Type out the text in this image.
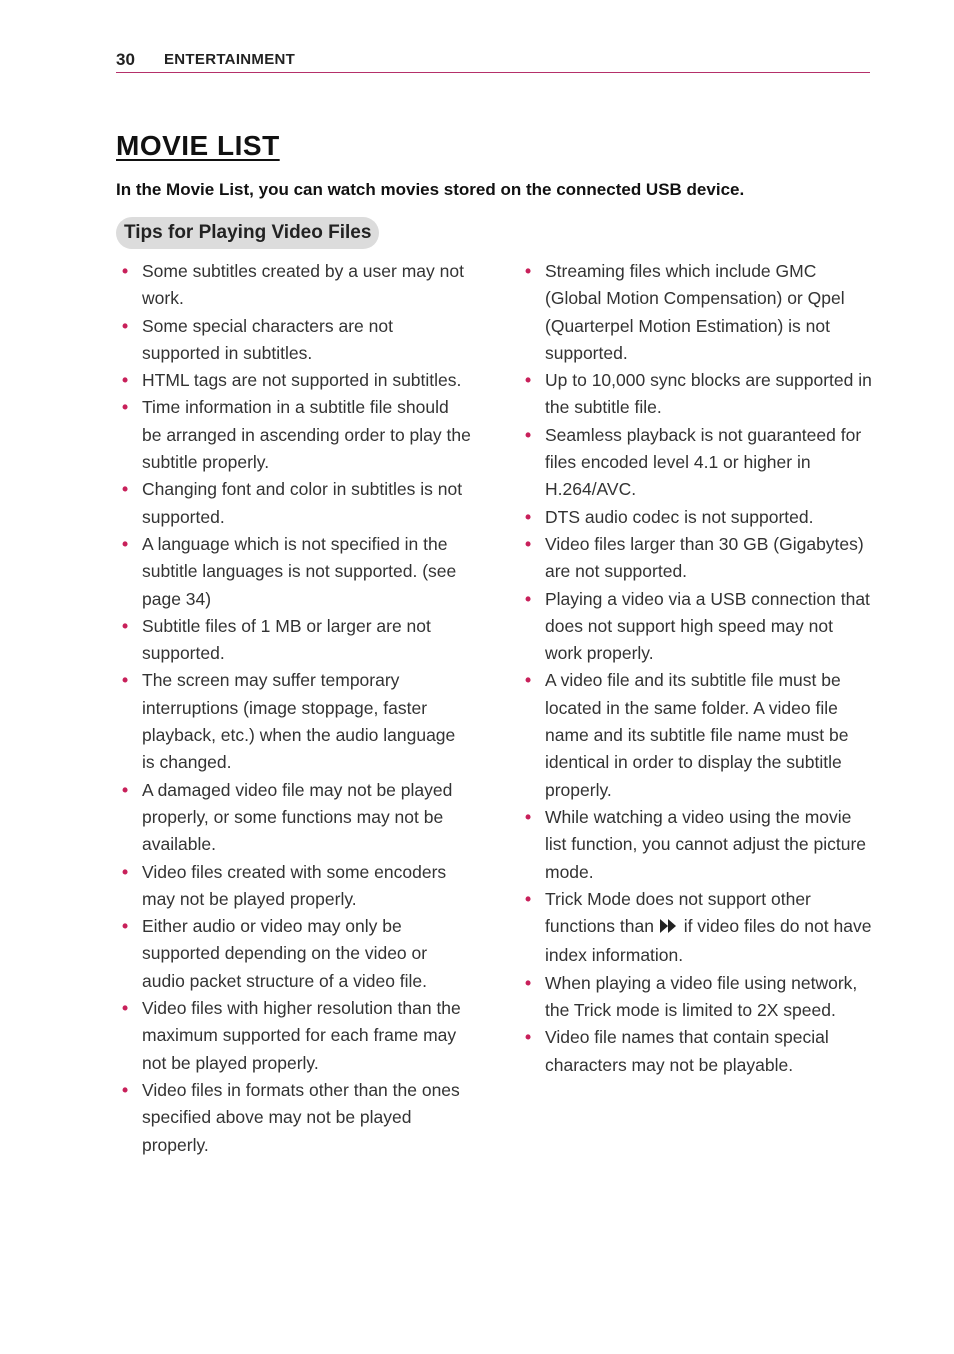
30 ENTERTAINMENT
MOVIE LIST
In the Movie List, you can watch movies stored on the connected USB device.
Tips for Playing Video Files
• Some subtitles created by a user may not work.
• Some special characters are not supported in subtitles.
• HTML tags are not supported in subtitles.
• Time information in a subtitle file should be arranged in ascending order to play the subtitle properly.
• Changing font and color in subtitles is not supported.
• A language which is not specified in the subtitle languages is not supported. (see page 34)
• Subtitle files of 1 MB or larger are not supported.
• The screen may suffer temporary interruptions (image stoppage, faster playback, etc.) when the audio language is changed.
• A damaged video file may not be played properly, or some functions may not be available.
• Video files created with some encoders may not be played properly.
• Either audio or video may only be supported depending on the video or audio packet structure of a video file.
• Video files with higher resolution than the maximum supported for each frame may not be played properly.
• Video files in formats other than the ones specified above may not be played properly.
• Streaming files which include GMC (Global Motion Compensation) or Qpel (Quarterpel Motion Estimation) is not supported.
• Up to 10,000 sync blocks are supported in the subtitle file.
• Seamless playback is not guaranteed for files encoded level 4.1 or higher in H.264/AVC.
• DTS audio codec is not supported.
• Video files larger than 30 GB (Gigabytes) are not supported.
• Playing a video via a USB connection that does not support high speed may not work properly.
• A video file and its subtitle file must be located in the same folder. A video file name and its subtitle file name must be identical in order to display the subtitle properly.
• While watching a video using the movie list function, you cannot adjust the picture mode.
• Trick Mode does not support other functions than  if video files do not have index information.
• When playing a video file using network, the Trick mode is limited to 2X speed.
• Video file names that contain special characters may not be playable.
